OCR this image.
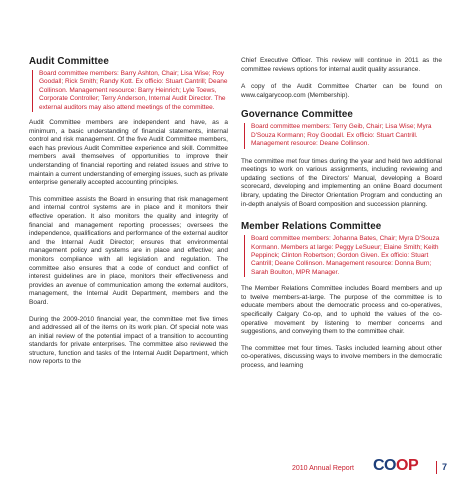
Audit Committee
Board committee members: Barry Ashton, Chair; Lisa Wise; Roy Goodall; Rick Smith; Randy Kott. Ex officio: Stuart Cantrill; Deane Collinson. Management resource: Barry Heinrich; Lyle Toews, Corporate Controller; Terry Anderson, Internal Audit Director. The external auditors may also attend meetings of the committee.

Audit Committee members are independent and have, as a minimum, a basic understanding of financial statements, internal control and risk management. Of the five Audit Committee members, each has previous Audit Committee experience and skill. Committee members avail themselves of opportunities to improve their understanding of financial reporting and related issues and strive to maintain a current understanding of emerging issues, such as private enterprise generally accepted accounting principles.

This committee assists the Board in ensuring that risk management and internal control systems are in place and it monitors their effective operation. It also monitors the quality and integrity of financial and management reporting processes; oversees the independence, qualifications and performance of the external auditor and the Internal Audit Director; ensures that environmental management policy and systems are in place and effective; and monitors compliance with all legislation and regulation. The committee also ensures that a code of conduct and conflict of interest guidelines are in place, monitors their effectiveness and provides an avenue of communication among the external auditors, management, the Internal Audit Department, members and the Board.

During the 2009-2010 financial year, the committee met five times and addressed all of the items on its work plan. Of special note was an initial review of the potential impact of a transition to accounting standards for private enterprises. The committee also reviewed the structure, function and tasks of the Internal Audit Department, which now reports to the

Chief Executive Officer. This review will continue in 2011 as the committee reviews options for internal audit quality assurance.

A copy of the Audit Committee Charter can be found on www.calgarycoop.com (Membership).

Governance Committee
Board committee members: Terry Geib, Chair; Lisa Wise; Myra D'Souza Kormann; Roy Goodall. Ex officio: Stuart Cantrill. Management resource: Deane Collinson.

The committee met four times during the year and held two additional meetings to work on various assignments, including reviewing and updating sections of the Directors' Manual, developing a Board scorecard, developing and implementing an online Board document library, updating the Director Orientation Program and conducting an in-depth analysis of Board composition and succession planning.

Member Relations Committee
Board committee members: Johanna Bates, Chair; Myra D'Souza Kormann. Members at large: Peggy LeSueur; Elaine Smith; Keith Peppinck; Clinton Robertson; Gordon Given. Ex officio: Stuart Cantrill; Deane Collinson. Management resource: Donna Burn; Sarah Boulton, MPR Manager.

The Member Relations Committee includes Board members and up to twelve members-at-large. The purpose of the committee is to educate members about the democratic process and co-operatives, specifically Calgary Co-op, and to uphold the values of the co-operative movement by listening to member concerns and suggestions, and conveying them to the committee chair.

The committee met four times. Tasks included learning about other co-operatives, discussing ways to involve members in the democratic process, and learning

2010 Annual Report COOP	7
